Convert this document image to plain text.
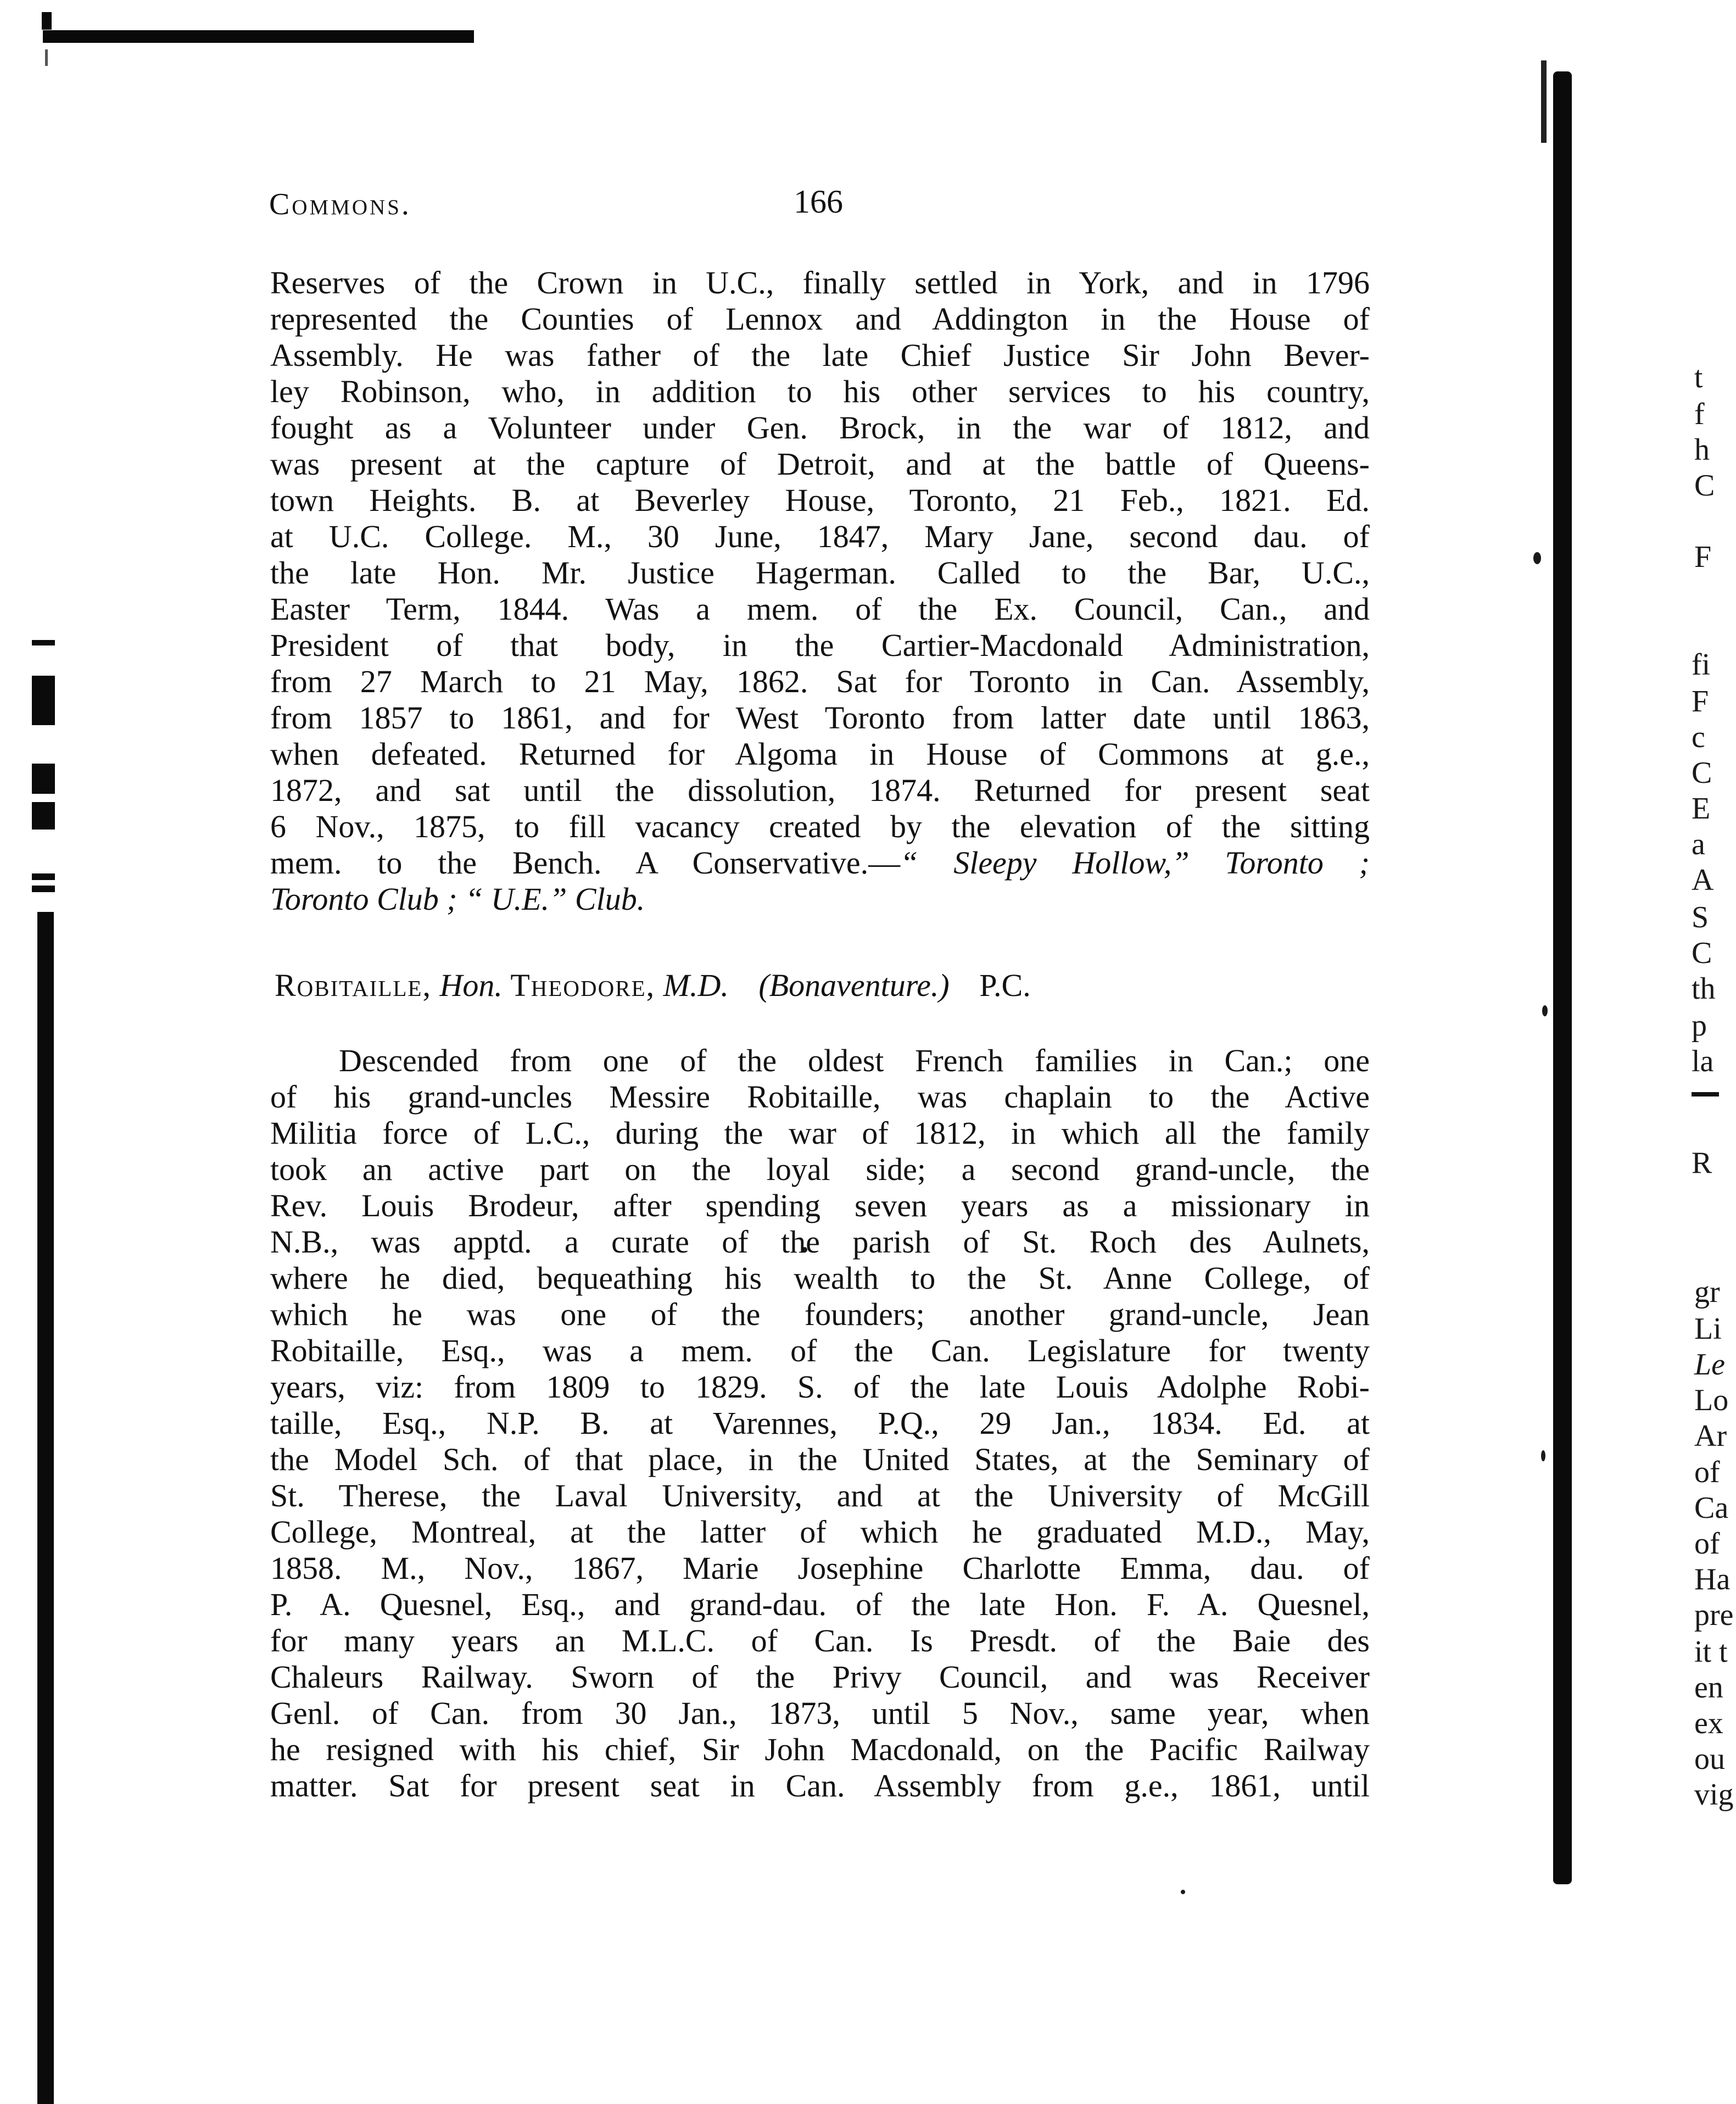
Commons.	166
Reserves of the Crown in U.C., finally settled in York, and in 1796
represented the Counties of Lennox and Addington in the House of
Assembly. He was father of the late Chief Justice Sir John Bever-
ley Robinson, who, in addition to his other services to his country,
fought as a Volunteer under Gen. Brock, in the war of 1812, and
was present at the capture of Detroit, and at the battle of Queens-
town Heights. B. at Beverley House, Toronto, 21 Feb., 1821. Ed.
at U.C. College. M., 30 June, 1847, Mary Jane, second dau. of
the late Hon. Mr. Justice Hagerman. Called to the Bar, U.C.,
Easter Term, 1844. Was a mem. of the Ex. Council, Can., and
President of that body, in the Cartier-Macdonald Administration,
from 27 March to 21 May, 1862. Sat for Toronto in Can. Assembly,
from 1857 to 1861, and for West Toronto from latter date until 1863,
when defeated. Returned for Algoma in House of Commons at g.e.,
1872, and sat until the dissolution, 1874. Returned for present seat
6 Nov., 1875, to fill vacancy created by the elevation of the sitting
mem. to the Bench. A Conservative.—“ Sleepy Hollow,” Toronto ;
Toronto Club ; “ U.E.” Club.
Robitaille, Hon. Theodore, M.D. (Bonaventure.) P.C.
Descended from one of the oldest French families in Can.; one
of his grand-uncles Messire Robitaille, was chaplain to the Active
Militia force of L.C., during the war of 1812, in which all the family
took an active part on the loyal side; a second grand-uncle, the
Rev. Louis Brodeur, after spending seven years as a missionary in
N.B., was apptd. a curate of the parish of St. Roch des Aulnets,
where he died, bequeathing his wealth to the St. Anne College, of
which he was one of the founders; another grand-uncle, Jean
Robitaille, Esq., was a mem. of the Can. Legislature for twenty
years, viz: from 1809 to 1829. S. of the late Louis Adolphe Robi-
taille, Esq., N.P. B. at Varennes, P.Q., 29 Jan., 1834. Ed. at
the Model Sch. of that place, in the United States, at the Seminary of
St. Therese, the Laval University, and at the University of McGill
College, Montreal, at the latter of which he graduated M.D., May,
1858. M., Nov., 1867, Marie Josephine Charlotte Emma, dau. of
P. A. Quesnel, Esq., and grand-dau. of the late Hon. F. A. Quesnel,
for many years an M.L.C. of Can. Is Presdt. of the Baie des
Chaleurs Railway. Sworn of the Privy Council, and was Receiver
Genl. of Can. from 30 Jan., 1873, until 5 Nov., same year, when
he resigned with his chief, Sir John Macdonald, on the Pacific Railway
matter. Sat for present seat in Can. Assembly from g.e., 1861, until
t
f
h
C
F
fi
F
c
C
E
a
A
S
C
th
p
la
R
gr
Li
Le
Lo
Ar
of
Ca
of
Ha
pre
it t
en
ex
ou
vig
